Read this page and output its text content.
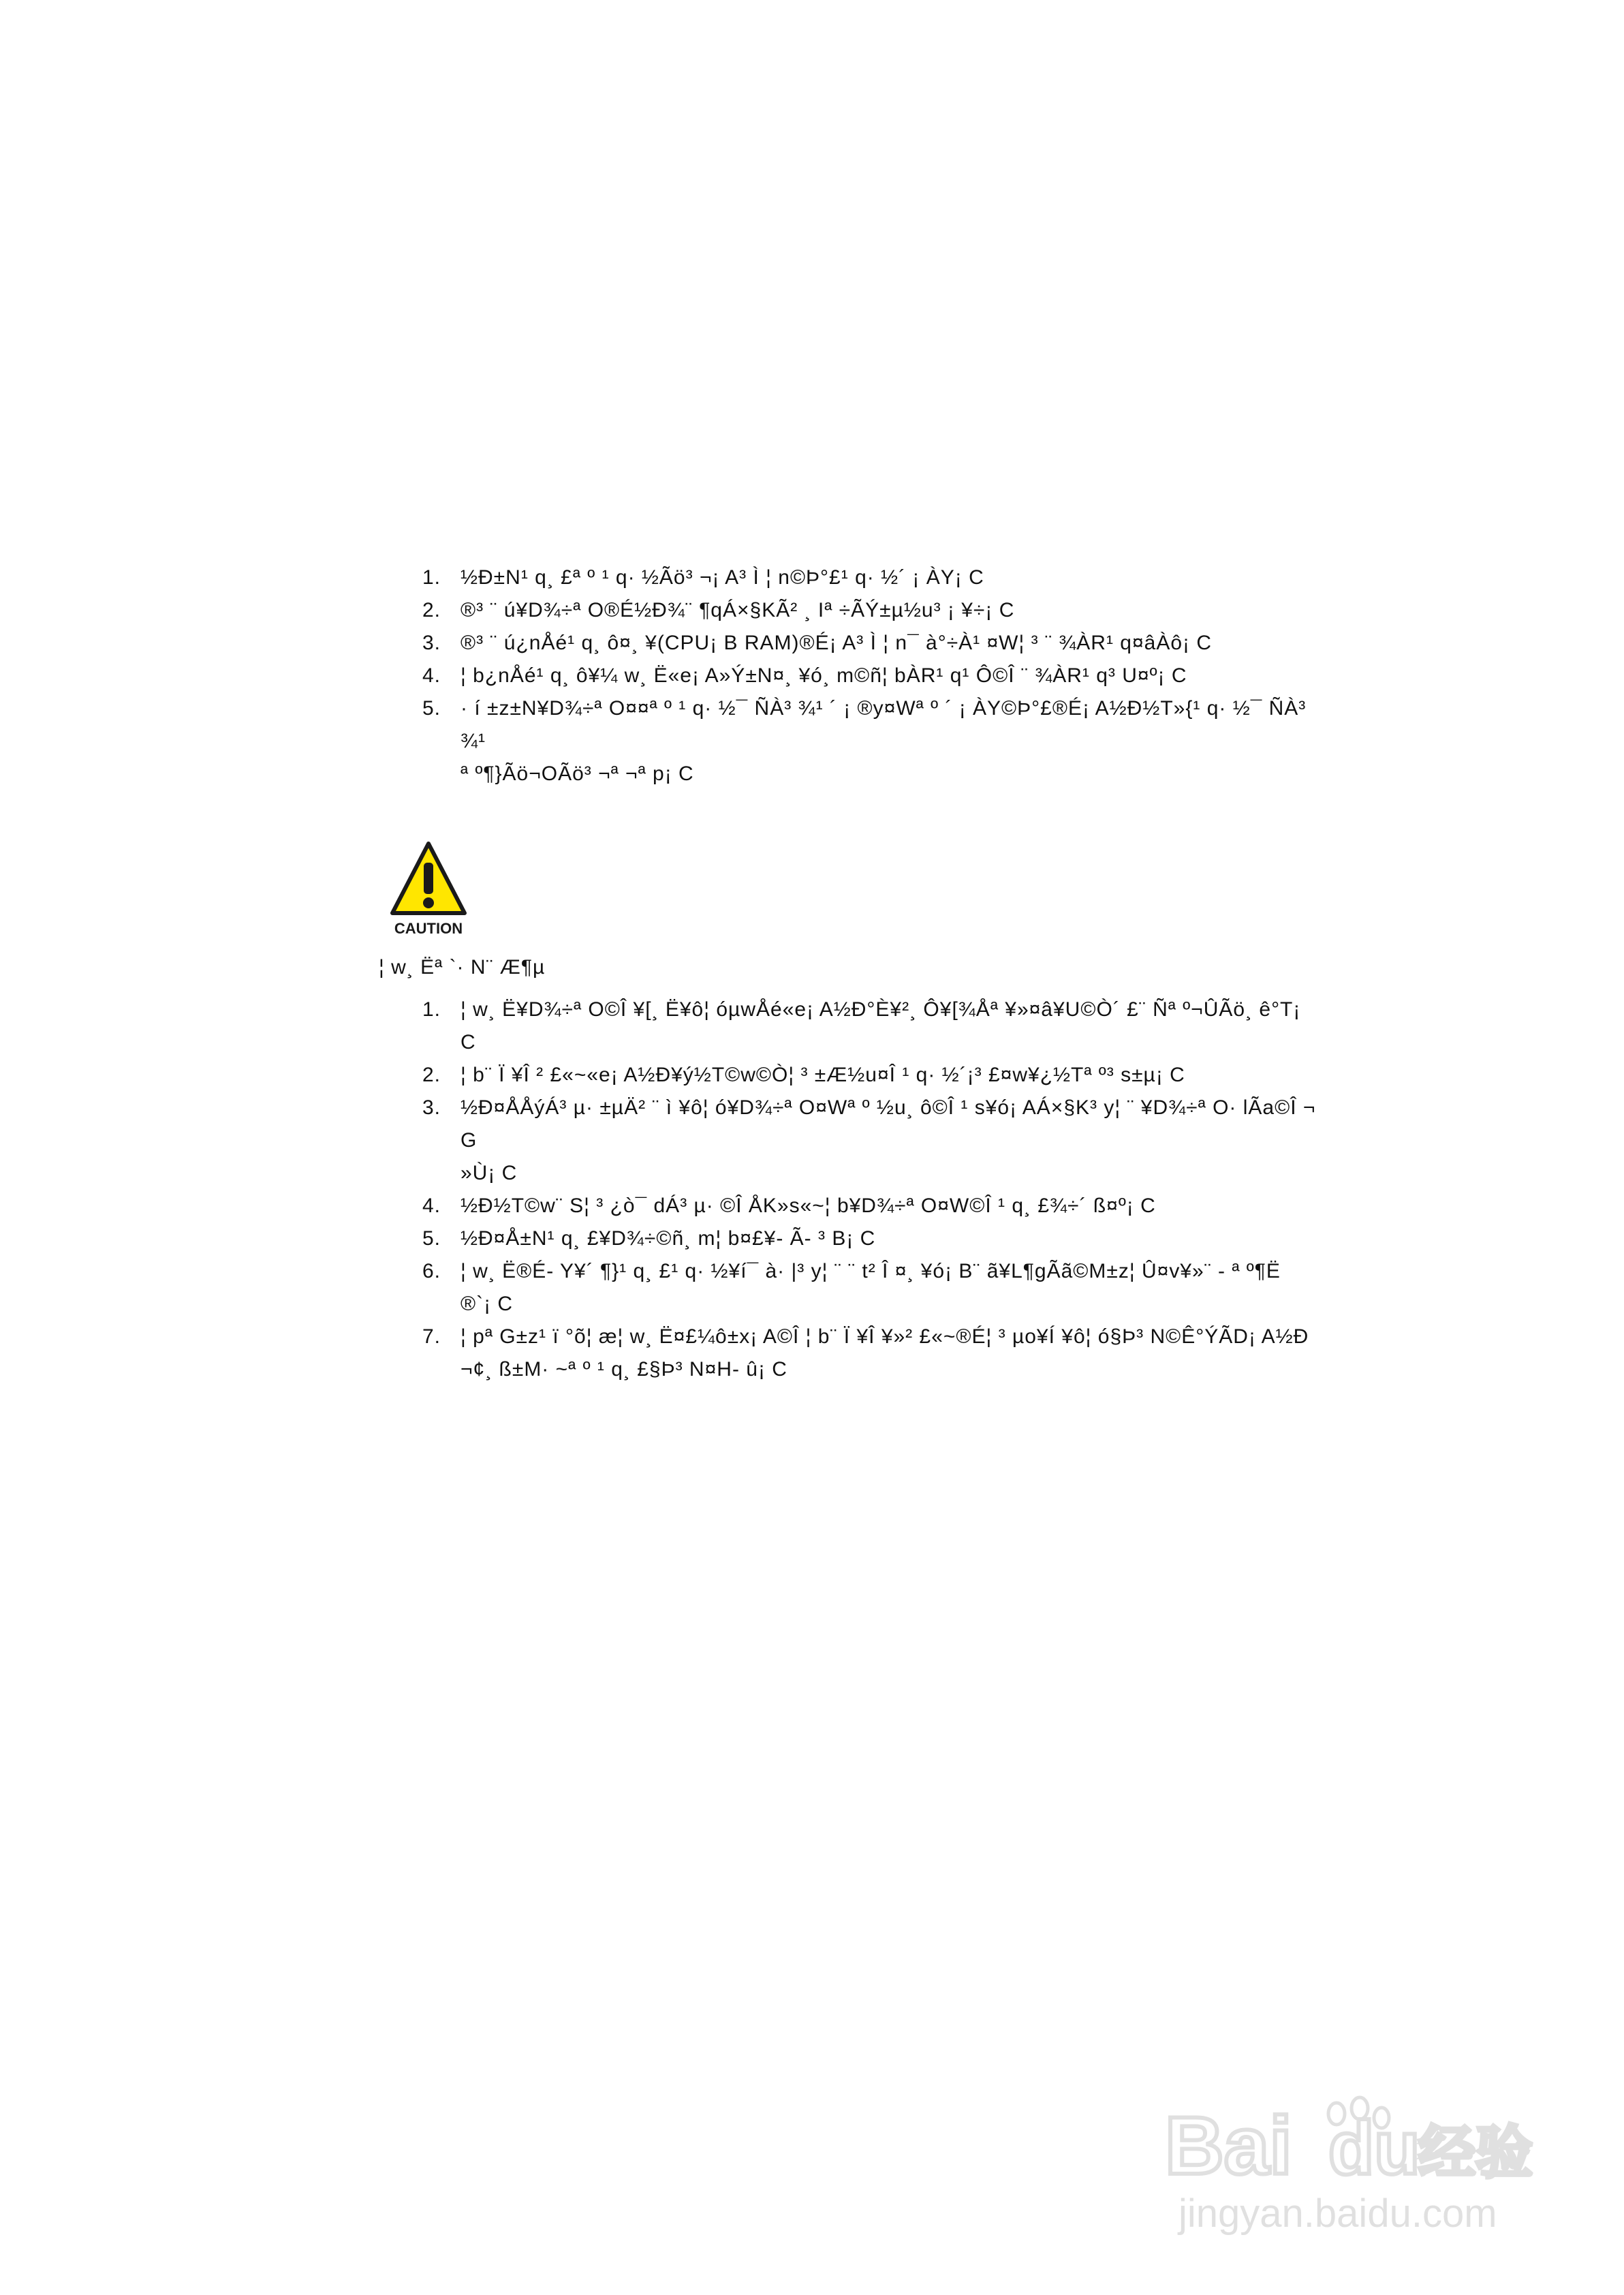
1. ½Ð±N¹ q¸ £ª º ¹ q· ½Ãö³ ¬¡ A³ Ì ¦ n©Þ°£¹ q· ½´ ¡ ÀY¡ C
2. ®³ ¨ ú¥D¾÷ª O®É½Ð¾¨ ¶qÁ×§KÃ² ¸ Iª ÷ÃÝ±µ½u³ ¡ ¥÷¡ C
3. ®³ ¨ ú¿nÅé¹ q¸ ô¤¸ ¥(CPU¡ B RAM)®É¡ A³ Ì ¦ n¯ à°÷À¹ ¤W¦ ³ ¨ ¾ÀR¹ q¤âÀô¡ C
4. ¦ b¿nÅé¹ q¸ ô¥¼ w¸ Ë«e¡ A»Ý±N¤¸ ¥ó¸ m©ñ¦ bÀR¹ q¹ Ô©Î ¨ ¾ÀR¹ q³ U¤º¡ C
5. · í ±z±N¥D¾÷ª O¤¤ª º ¹ q· ½¯ ÑÀ³ ¾¹ ´ ¡ ®y¤Wª º ´ ¡ ÀY©Þ°£®É¡ A½Ð½T»{¹ q· ½¯ ÑÀ³ ¾¹
ª º¶}Ãö¬OÃö³ ¬ª ¬ª p¡ C
CAUTION
¦ w¸ Ëª `· N¨ Æ¶µ
1. ¦ w¸ Ë¥D¾÷ª O©Î ¥[¸ Ë¥ô¦ óµwÅé«e¡ A½Ð°È¥²¸ Ô¥[¾Åª ¥»¤â¥U©Ò´ £¨ Ñª º¬ÛÃö¸ ê°T¡ C
2. ¦ b¨ Ï ¥Î ² £«~«e¡ A½Ð¥ý½T©w©Ò¦ ³ ±Æ½u¤Î ¹ q· ½´¡³ £¤w¥¿½Tª º³ s±µ¡ C
3. ½Ð¤ÅÅýÁ³ µ· ±µÄ² ¨ ì ¥ô¦ ó¥D¾÷ª O¤Wª º ½u¸ ô©Î ¹ s¥ó¡ AÁ×§K³ y¦ ¨ ¥D¾÷ª O· lÃa©Î ¬G
»Ù¡ C
4. ½Ð½T©w¨ S¦ ³ ¿ò¯ dÁ³ µ· ©Î ÅK»s«~¦ b¥D¾÷ª O¤W©Î ¹ q¸ £¾÷´ ß¤º¡ C
5. ½Ð¤Å±N¹ q¸ £¥D¾÷©ñ¸ m¦ b¤£¥- Ã- ³ B¡ C
6. ¦ w¸ Ë®É- Y¥´ ¶}¹ q¸ £¹ q· ½¥í¯ à· |³ y¦ ¨ ¨ t² Î ¤¸ ¥ó¡ B¨ ã¥L¶gÃã©M±z¦ Û¤v¥»¨ - ª º¶Ë
®`¡ C
7. ¦ pª G±z¹ ï °õ¦ æ¦ w¸ Ë¤£¼ô±x¡ A©Î ¦ b¨ Ï ¥Î ¥»² £«~®É¦ ³ µo¥Í ¥ô¦ ó§Þ³ N©Ê°ÝÃD¡ A½Ð
¬¢¸ ß±M· ~ª º ¹ q¸ £§Þ³ N¤H- û¡ C
Bai du
经验
jingyan.baidu.com
